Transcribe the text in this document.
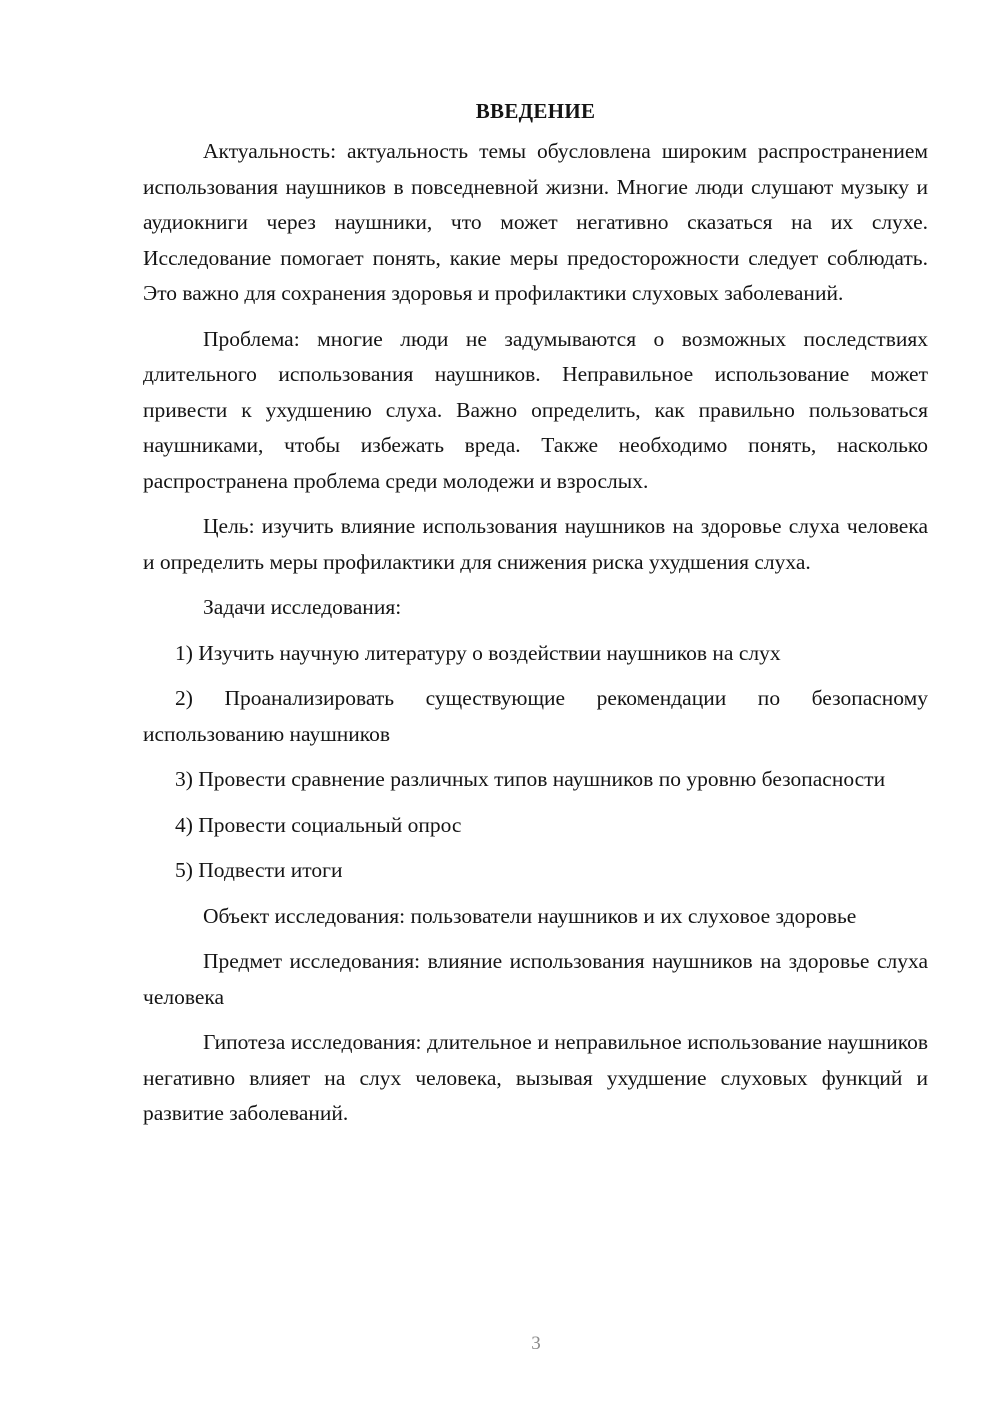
ВВЕДЕНИЕ

Актуальность: актуальность темы обусловлена широким распространением использования наушников в повседневной жизни. Многие люди слушают музыку и аудиокниги через наушники, что может негативно сказаться на их слухе. Исследование помогает понять, какие меры предосторожности следует соблюдать. Это важно для сохранения здоровья и профилактики слуховых заболеваний.

Проблема: многие люди не задумываются о возможных последствиях длительного использования наушников. Неправильное использование может привести к ухудшению слуха. Важно определить, как правильно пользоваться наушниками, чтобы избежать вреда. Также необходимо понять, насколько распространена проблема среди молодежи и взрослых.

Цель: изучить влияние использования наушников на здоровье слуха человека и определить меры профилактики для снижения риска ухудшения слуха.

Задачи исследования:

1) Изучить научную литературу о воздействии наушников на слух

2) Проанализировать существующие рекомендации по безопасному использованию наушников

3) Провести сравнение различных типов наушников по уровню безопасности

4) Провести социальный опрос

5) Подвести итоги

Объект исследования: пользователи наушников и их слуховое здоровье

Предмет исследования: влияние использования наушников на здоровье слуха человека

Гипотеза исследования: длительное и неправильное использование наушников негативно влияет на слух человека, вызывая ухудшение слуховых функций и развитие заболеваний.

3
